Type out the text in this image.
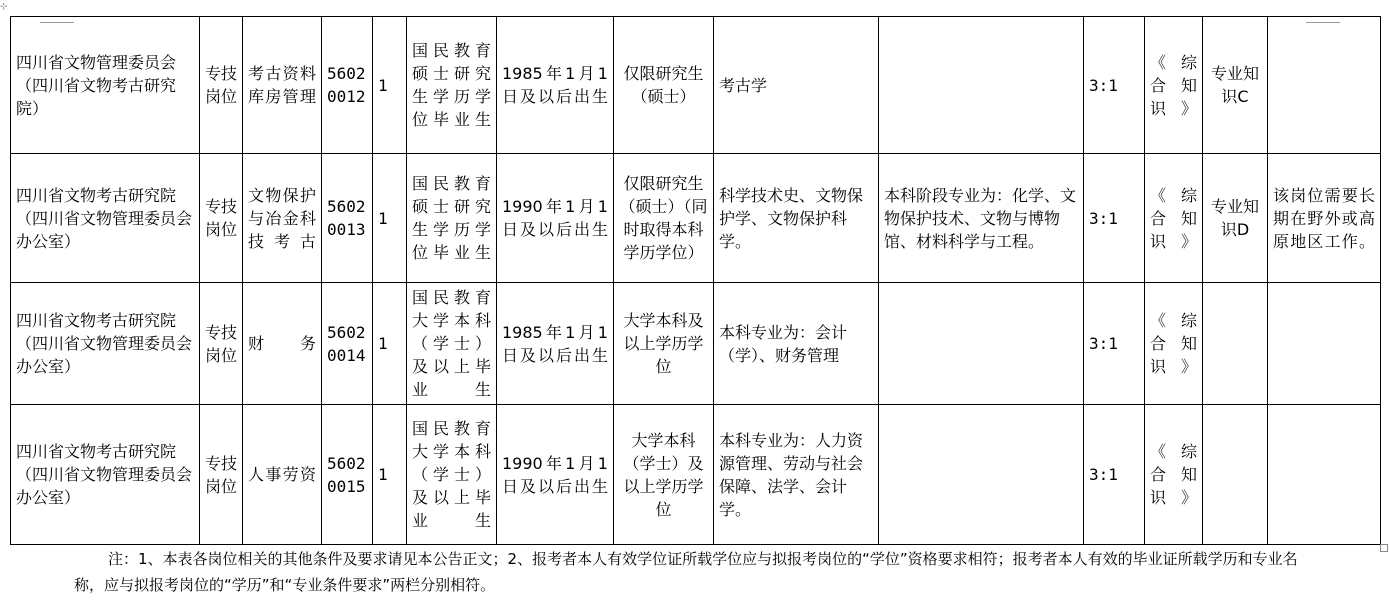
⊹
四川省文物管理委员会（四川省文物考古研究院）	专技岗位	考古资料库房管理	56020012	1	国民教育硕士研究生学历学位毕业生	1985年1月1日及以后出生	仅限研究生（硕士）	考古学		3:1	《综合知识》	专业知识C	
四川省文物考古研究院（四川省文物管理委员会办公室）	专技岗位	文物保护与冶金科技考古	56020013	1	国民教育硕士研究生学历学位毕业生	1990年1月1日及以后出生	仅限研究生（硕士）（同时取得本科学历学位）	科学技术史、文物保护学、文物保护科学。	本科阶段专业为：化学、文物保护技术、文物与博物馆、材料科学与工程。	3:1	《综合知识》	专业知识D	该岗位需要长期在野外或高原地区工作。
四川省文物考古研究院（四川省文物管理委员会办公室）	专技岗位	财务	56020014	1	国民教育大学本科（学士）及以上毕业生	1985年1月1日及以后出生	大学本科及以上学历学位	本科专业为：会计（学）、财务管理		3:1	《综合知识》		
四川省文物考古研究院（四川省文物管理委员会办公室）	专技岗位	人事劳资	56020015	1	国民教育大学本科（学士）及以上毕业生	1990年1月1日及以后出生	大学本科（学士）及以上学历学位	本科专业为：人力资源管理、劳动与社会保障、法学、会计学。		3:1	《综合知识》		
注：1、本表各岗位相关的其他条件及要求请见本公告正文；2、报考者本人有效学位证所载学位应与拟报考岗位的“学位”资格要求相符；报考者本人有效的毕业证所载学历和专业名称，应与拟报考岗位的“学历”和“专业条件要求”两栏分别相符。
